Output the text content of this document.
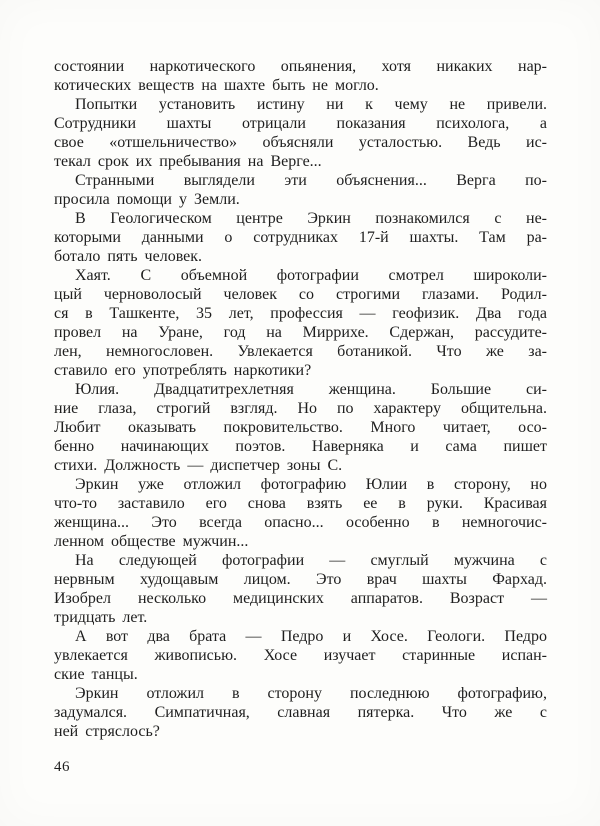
состоянии наркотического опьянения, хотя никаких нар-
котических веществ на шахте быть не могло.
Попытки установить истину ни к чему не привели.
Сотрудники шахты отрицали показания психолога, а
свое «отшельничество» объясняли усталостью. Ведь ис-
текал срок их пребывания на Верге...
Странными выглядели эти объяснения... Верга по-
просила помощи у Земли.
В Геологическом центре Эркин познакомился с не-
которыми данными о сотрудниках 17-й шахты. Там ра-
ботало пять человек.
Хаят. С объемной фотографии смотрел широколи-
цый черноволосый человек со строгими глазами. Родил-
ся в Ташкенте, 35 лет, профессия — геофизик. Два года
провел на Уране, год на Миррихе. Сдержан, рассудите-
лен, немногословен. Увлекается ботаникой. Что же за-
ставило его употреблять наркотики?
Юлия. Двадцатитрехлетняя женщина. Большие си-
ние глаза, строгий взгляд. Но по характеру общительна.
Любит оказывать покровительство. Много читает, осо-
бенно начинающих поэтов. Наверняка и сама пишет
стихи. Должность — диспетчер зоны С.
Эркин уже отложил фотографию Юлии в сторону, но
что-то заставило его снова взять ее в руки. Красивая
женщина... Это всегда опасно... особенно в немногочис-
ленном обществе мужчин...
На следующей фотографии — смуглый мужчина с
нервным худощавым лицом. Это врач шахты Фархад.
Изобрел несколько медицинских аппаратов. Возраст —
тридцать лет.
А вот два брата — Педро и Хосе. Геологи. Педро
увлекается живописью. Хосе изучает старинные испан-
ские танцы.
Эркин отложил в сторону последнюю фотографию,
задумался. Симпатичная, славная пятерка. Что же с
ней стряслось?
46
